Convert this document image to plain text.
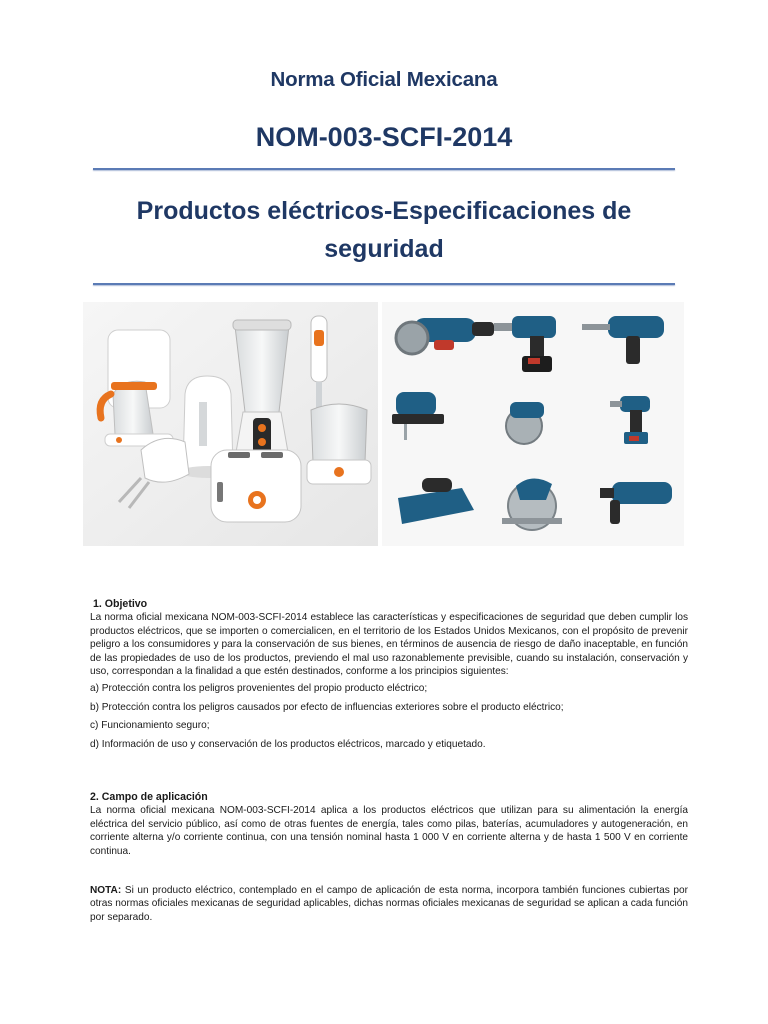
Norma Oficial Mexicana
NOM-003-SCFI-2014
Productos eléctricos-Especificaciones de
seguridad

1. Objetivo

La norma oficial mexicana NOM-003-SCFI-2014 establece las características y especificaciones de seguridad que deben cumplir los productos eléctricos, que se importen o comercialicen, en el territorio de los Estados Unidos Mexicanos, con el propósito de prevenir peligro a los consumidores y para la conservación de sus bienes, en términos de ausencia de riesgo de daño inaceptable, en función de las propiedades de uso de los productos, previendo el mal uso razonablemente previsible, cuando su instalación, conservación y uso, correspondan a la finalidad a que estén destinados, conforme a los principios siguientes:

a) Protección contra los peligros provenientes del propio producto eléctrico;

b) Protección contra los peligros causados por efecto de influencias exteriores sobre el producto eléctrico;

c) Funcionamiento seguro;

d) Información de uso y conservación de los productos eléctricos, marcado y etiquetado.

2. Campo de aplicación

La norma oficial mexicana NOM-003-SCFI-2014 aplica a los productos eléctricos que utilizan para su alimentación la energía eléctrica del servicio público, así como de otras fuentes de energía, tales como pilas, baterías, acumuladores y autogeneración, en corriente alterna y/o corriente continua, con una tensión nominal hasta 1 000 V en corriente alterna y de hasta 1 500 V en corriente continua.

NOTA: Si un producto eléctrico, contemplado en el campo de aplicación de esta norma, incorpora también funciones cubiertas por otras normas oficiales mexicanas de seguridad aplicables, dichas normas oficiales mexicanas de seguridad se aplican a cada función por separado.
